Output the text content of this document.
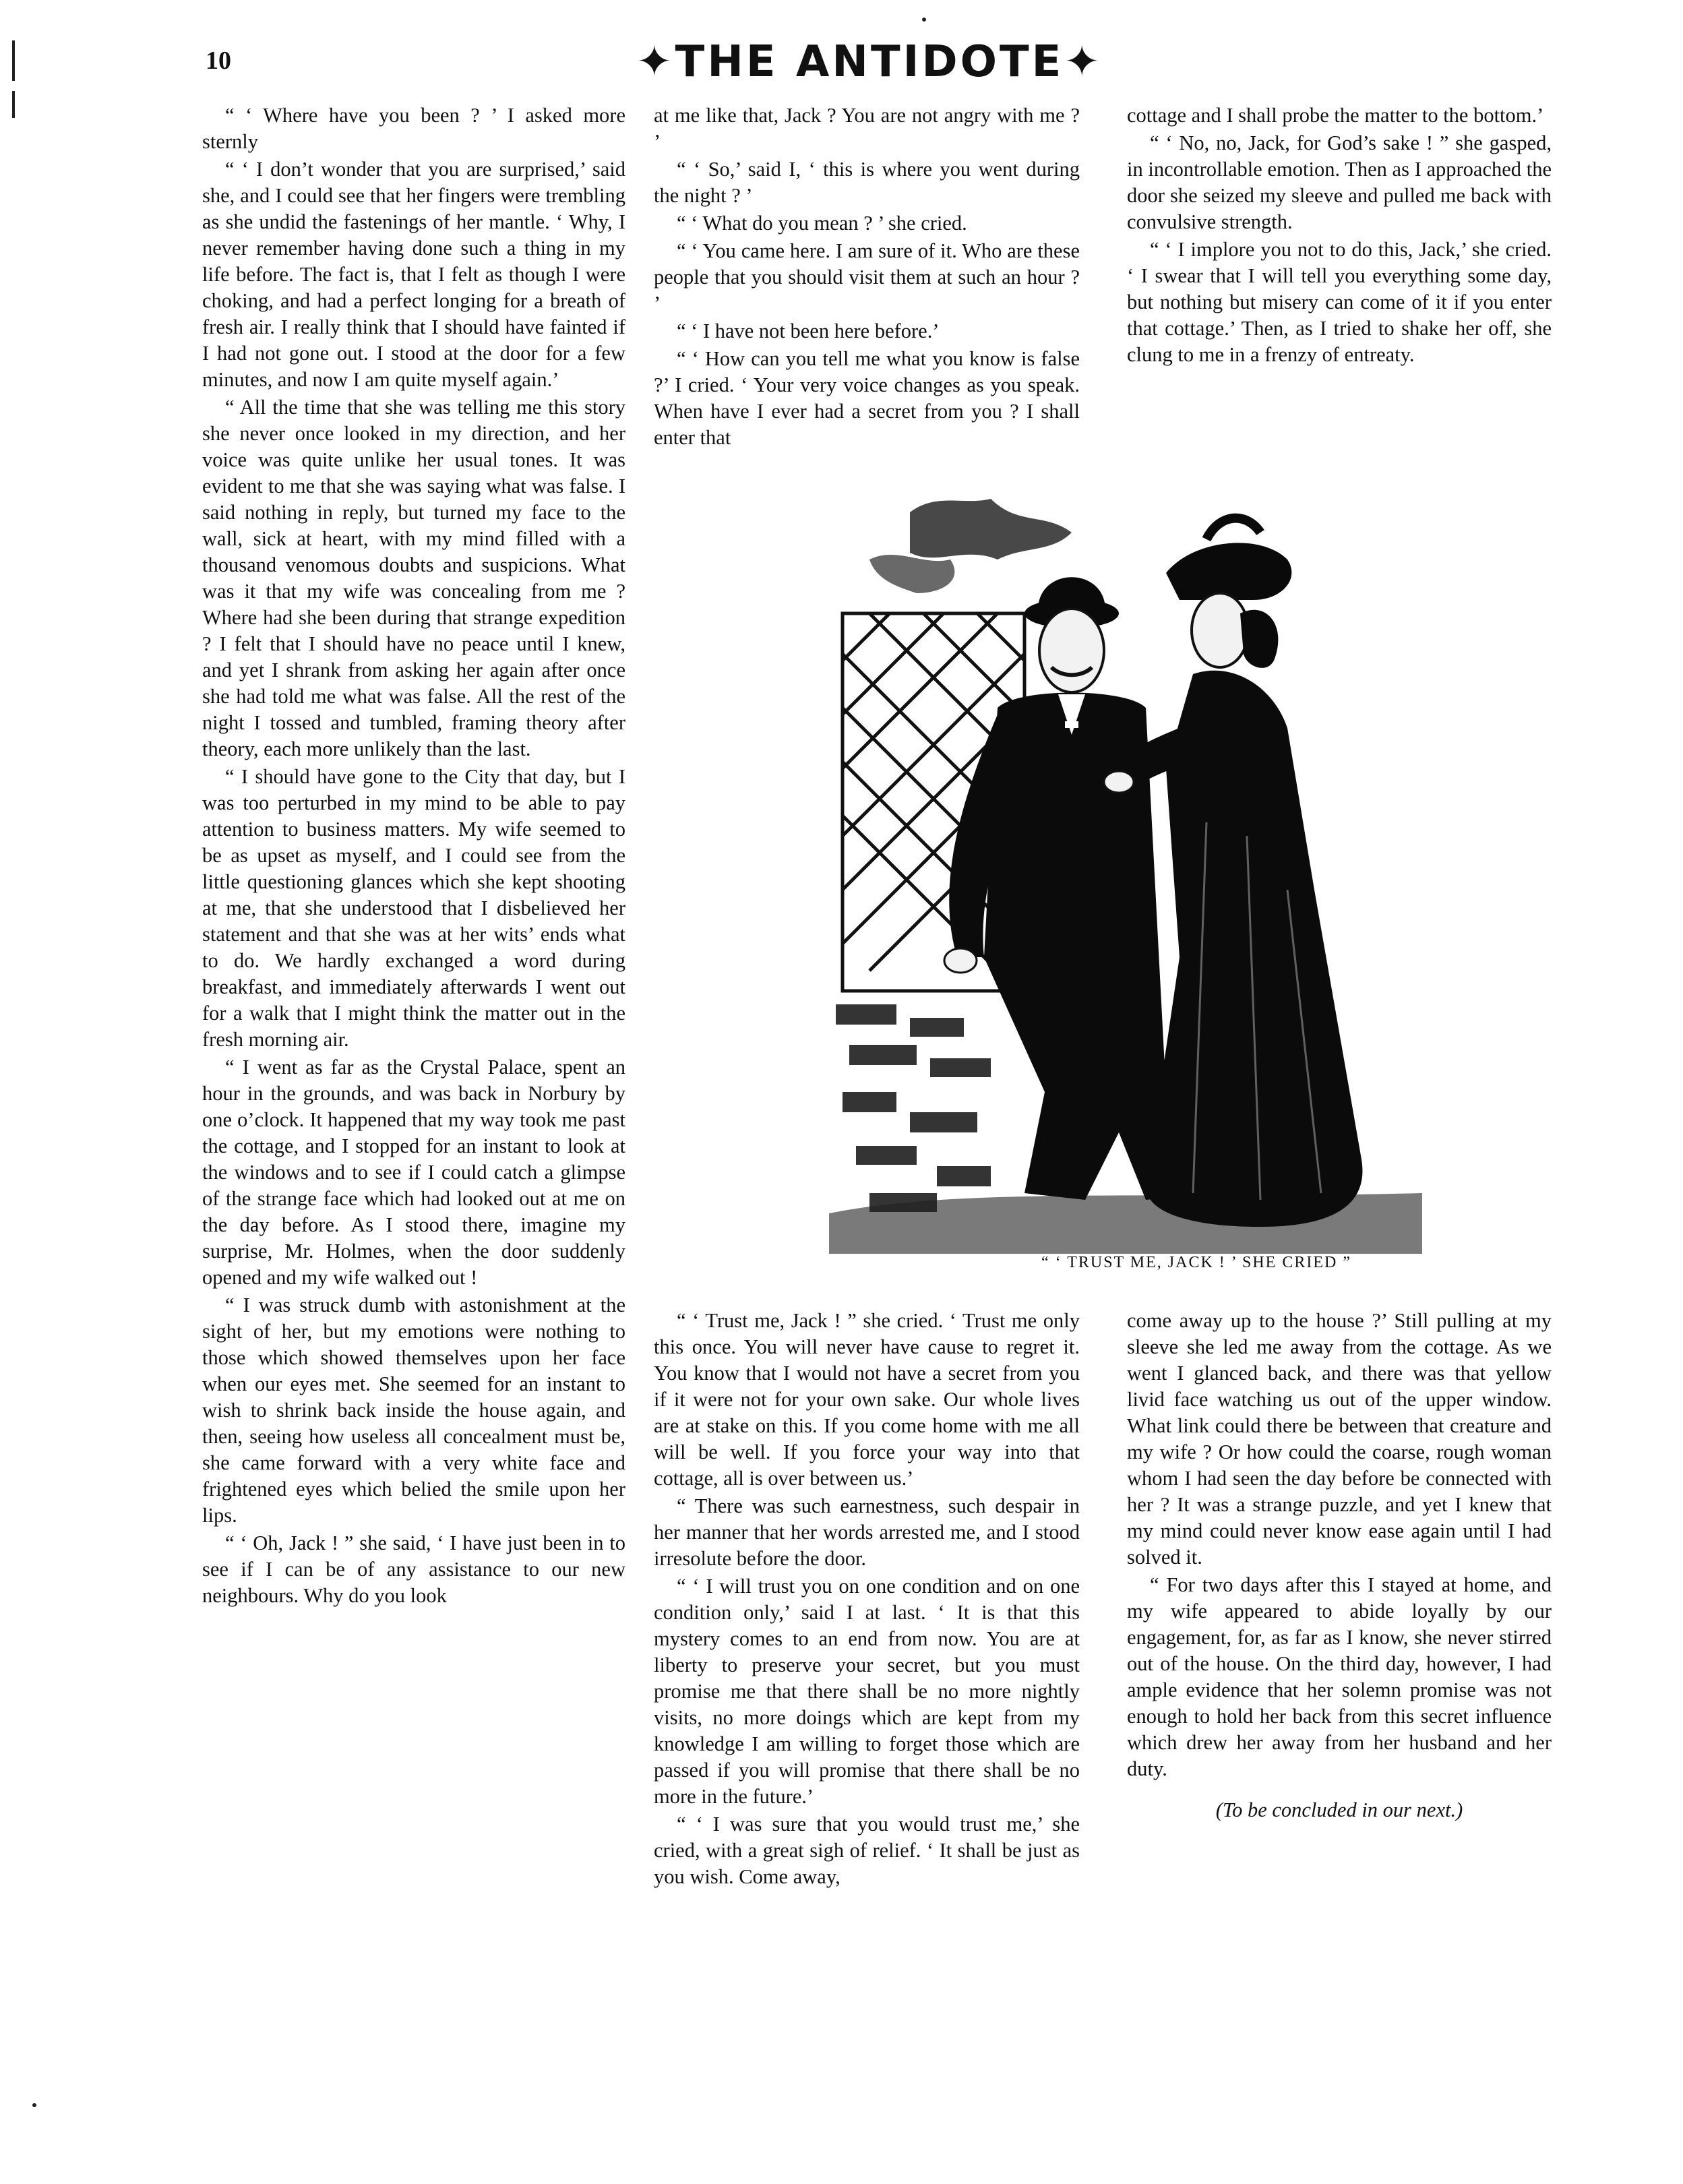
10	✦THE ANTIDOTE✦

“ ‘ Where have you been ? ’ I asked more sternly

“ ‘ I don’t wonder that you are surprised,’ said she, and I could see that her fingers were trembling as she undid the fastenings of her mantle. ‘ Why, I never remember having done such a thing in my life before. The fact is, that I felt as though I were choking, and had a perfect longing for a breath of fresh air. I really think that I should have fainted if I had not gone out. I stood at the door for a few minutes, and now I am quite myself again.’

“ All the time that she was telling me this story she never once looked in my direction, and her voice was quite unlike her usual tones. It was evident to me that she was saying what was false. I said nothing in reply, but turned my face to the wall, sick at heart, with my mind filled with a thousand venomous doubts and suspicions. What was it that my wife was concealing from me ? Where had she been during that strange expedition ? I felt that I should have no peace until I knew, and yet I shrank from asking her again after once she had told me what was false. All the rest of the night I tossed and tumbled, framing theory after theory, each more unlikely than the last.

“ I should have gone to the City that day, but I was too perturbed in my mind to be able to pay attention to business matters. My wife seemed to be as upset as myself, and I could see from the little questioning glances which she kept shooting at me, that she understood that I disbelieved her statement and that she was at her wits’ ends what to do. We hardly exchanged a word during breakfast, and immediately afterwards I went out for a walk that I might think the matter out in the fresh morning air.

“ I went as far as the Crystal Palace, spent an hour in the grounds, and was back in Norbury by one o’clock. It happened that my way took me past the cottage, and I stopped for an instant to look at the windows and to see if I could catch a glimpse of the strange face which had looked out at me on the day before. As I stood there, imagine my surprise, Mr. Holmes, when the door suddenly opened and my wife walked out !

“ I was struck dumb with astonishment at the sight of her, but my emotions were nothing to those which showed themselves upon her face when our eyes met. She seemed for an instant to wish to shrink back inside the house again, and then, seeing how useless all concealment must be, she came forward with a very white face and frightened eyes which belied the smile upon her lips.

“ ‘ Oh, Jack ! ” she said, ‘ I have just been in to see if I can be of any assistance to our new neighbours. Why do you look

at me like that, Jack ? You are not angry with me ? ’

“ ‘ So,’ said I, ‘ this is where you went during the night ? ’

“ ‘ What do you mean ? ’ she cried.

“ ‘ You came here. I am sure of it. Who are these people that you should visit them at such an hour ? ’

“ ‘ I have not been here before.’

“ ‘ How can you tell me what you know is false ?’ I cried. ‘ Your very voice changes as you speak. When have I ever had a secret from you ? I shall enter that

cottage and I shall probe the matter to the bottom.’

“ ‘ No, no, Jack, for God’s sake ! ” she gasped, in incontrollable emotion. Then as I approached the door she seized my sleeve and pulled me back with convulsive strength.

“ ‘ I implore you not to do this, Jack,’ she cried. ‘ I swear that I will tell you everything some day, but nothing but misery can come of it if you enter that cottage.’ Then, as I tried to shake her off, she clung to me in a frenzy of entreaty.

“ ‘ TRUST ME, JACK ! ’ SHE CRIED ”

“ ‘ Trust me, Jack ! ” she cried. ‘ Trust me only this once. You will never have cause to regret it. You know that I would not have a secret from you if it were not for your own sake. Our whole lives are at stake on this. If you come home with me all will be well. If you force your way into that cottage, all is over between us.’

“ There was such earnestness, such despair in her manner that her words arrested me, and I stood irresolute before the door.

“ ‘ I will trust you on one condition and on one condition only,’ said I at last. ‘ It is that this mystery comes to an end from now. You are at liberty to preserve your secret, but you must promise me that there shall be no more nightly visits, no more doings which are kept from my knowledge I am willing to forget those which are passed if you will promise that there shall be no more in the future.’

“ ‘ I was sure that you would trust me,’ she cried, with a great sigh of relief. ‘ It shall be just as you wish. Come away,

come away up to the house ?’ Still pulling at my sleeve she led me away from the cottage. As we went I glanced back, and there was that yellow livid face watching us out of the upper window. What link could there be between that creature and my wife ? Or how could the coarse, rough woman whom I had seen the day before be connected with her ? It was a strange puzzle, and yet I knew that my mind could never know ease again until I had solved it.

“ For two days after this I stayed at home, and my wife appeared to abide loyally by our engagement, for, as far as I know, she never stirred out of the house. On the third day, however, I had ample evidence that her solemn promise was not enough to hold her back from this secret influence which drew her away from her husband and her duty.

(To be concluded in our next.)
